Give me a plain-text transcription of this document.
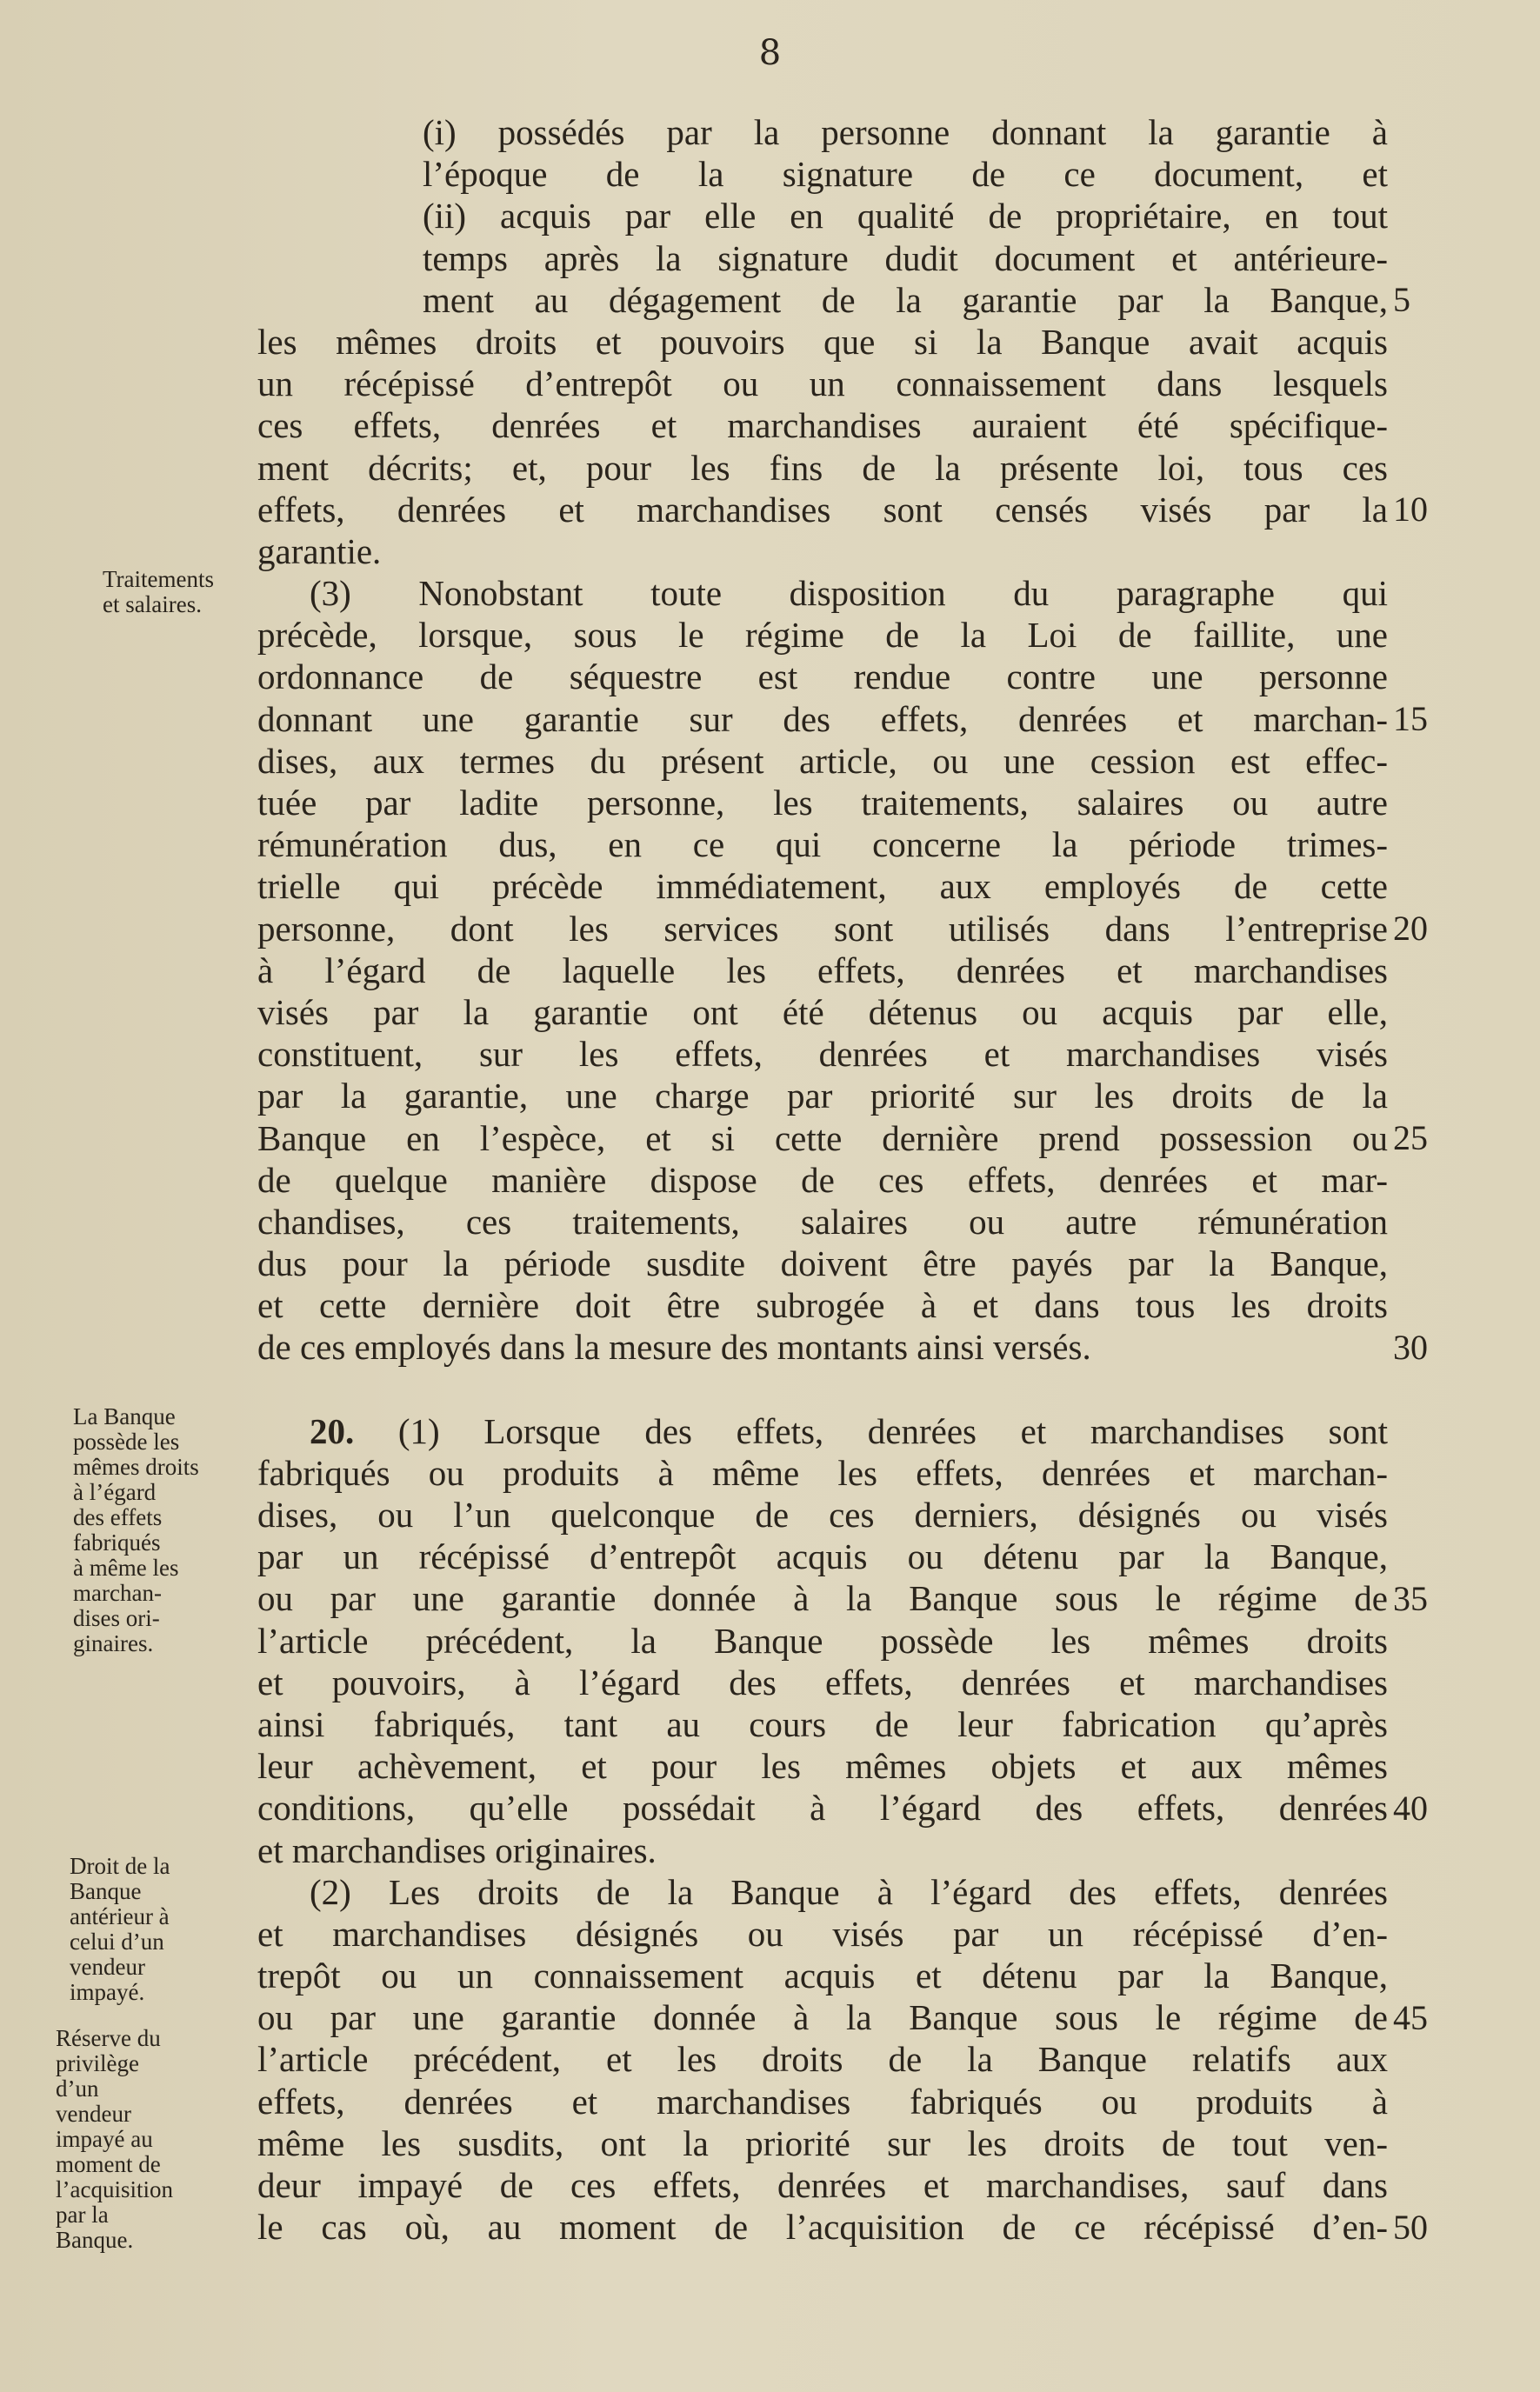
8
Traitements
et salaires.
La Banque
possède les
mêmes droits
à l’égard
des effets
fabriqués
à même les
marchan-
dises ori-
ginaires.
Droit de la
Banque
antérieur à
celui d’un
vendeur
impayé.
Réserve du
privilège
d’un
vendeur
impayé au
moment de
l’acquisition
par la
Banque.
(i) possédés par la personne donnant la garantie à
l’époque de la signature de ce document, et
(ii) acquis par elle en qualité de propriétaire, en tout
temps après la signature dudit document et antérieure-
ment au dégagement de la garantie par la Banque,
les mêmes droits et pouvoirs que si la Banque avait acquis
un récépissé d’entrepôt ou un connaissement dans lesquels
ces effets, denrées et marchandises auraient été spécifique-
ment décrits; et, pour les fins de la présente loi, tous ces
effets, denrées et marchandises sont censés visés par la
garantie.
(3) Nonobstant toute disposition du paragraphe qui
précède, lorsque, sous le régime de la Loi de faillite, une
ordonnance de séquestre est rendue contre une personne
donnant une garantie sur des effets, denrées et marchan-
dises, aux termes du présent article, ou une cession est effec-
tuée par ladite personne, les traitements, salaires ou autre
rémunération dus, en ce qui concerne la période trimes-
trielle qui précède immédiatement, aux employés de cette
personne, dont les services sont utilisés dans l’entreprise
à l’égard de laquelle les effets, denrées et marchandises
visés par la garantie ont été détenus ou acquis par elle,
constituent, sur les effets, denrées et marchandises visés
par la garantie, une charge par priorité sur les droits de la
Banque en l’espèce, et si cette dernière prend possession ou
de quelque manière dispose de ces effets, denrées et mar-
chandises, ces traitements, salaires ou autre rémunération
dus pour la période susdite doivent être payés par la Banque,
et cette dernière doit être subrogée à et dans tous les droits
de ces employés dans la mesure des montants ainsi versés.
20. (1) Lorsque des effets, denrées et marchandises sont
fabriqués ou produits à même les effets, denrées et marchan-
dises, ou l’un quelconque de ces derniers, désignés ou visés
par un récépissé d’entrepôt acquis ou détenu par la Banque,
ou par une garantie donnée à la Banque sous le régime de
l’article précédent, la Banque possède les mêmes droits
et pouvoirs, à l’égard des effets, denrées et marchandises
ainsi fabriqués, tant au cours de leur fabrication qu’après
leur achèvement, et pour les mêmes objets et aux mêmes
conditions, qu’elle possédait à l’égard des effets, denrées
et marchandises originaires.
(2) Les droits de la Banque à l’égard des effets, denrées
et marchandises désignés ou visés par un récépissé d’en-
trepôt ou un connaissement acquis et détenu par la Banque,
ou par une garantie donnée à la Banque sous le régime de
l’article précédent, et les droits de la Banque relatifs aux
effets, denrées et marchandises fabriqués ou produits à
même les susdits, ont la priorité sur les droits de tout ven-
deur impayé de ces effets, denrées et marchandises, sauf dans
le cas où, au moment de l’acquisition de ce récépissé d’en-
5
10
15
20
25
30
35
40
45
50
